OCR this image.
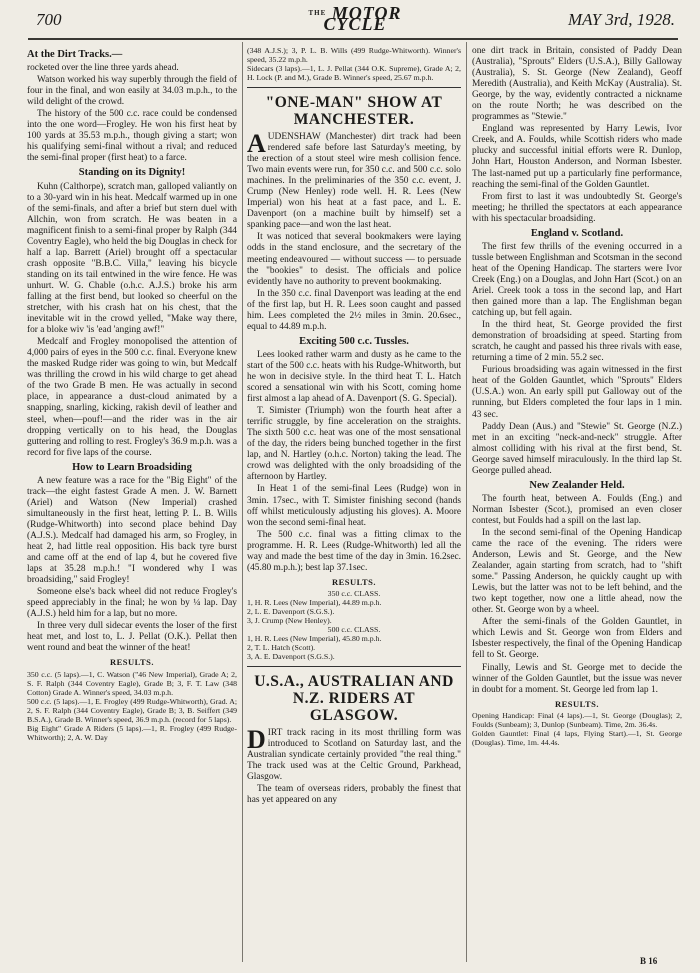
700	$^{THE}$ MOTOR CYCLE	MAY 3rd, 1928.
At the Dirt Tracks.—

rocketed over the line three yards ahead.

Watson worked his way superbly through the field of four in the final, and won easily at 34.03 m.p.h., to the wild delight of the crowd.

The history of the 500 c.c. race could be condensed into the one word—Frogley. He won his first heat by 100 yards at 35.53 m.p.h., though giving a start; won his qualifying semi-final without a rival; and reduced the semi-final proper (first heat) to a farce.

Standing on its Dignity!

Kuhn (Calthorpe), scratch man, galloped valiantly on to a 30-yard win in his heat. Medcalf warmed up in one of the semi-finals, and after a brief but stern duel with Allchin, won from scratch. He was beaten in a magnificent finish to a semi-final proper by Ralph (344 Coventry Eagle), who held the big Douglas in check for half a lap. Barrett (Ariel) brought off a spectacular crash opposite "B.B.C. Villa," leaving his bicycle standing on its tail entwined in the wire fence. He was unhurt. W. G. Chable (o.h.c. A.J.S.) broke his arm falling at the first bend, but looked so cheerful on the stretcher, with his crash hat on his chest, that the inevitable wit in the crowd yelled, "Make way there, for a bloke wiv 'is 'ead 'anging awf!"

Medcalf and Frogley monopolised the attention of 4,000 pairs of eyes in the 500 c.c. final. Everyone knew the masked Rudge rider was going to win, but Medcalf was thrilling the crowd in his wild charge to get ahead of the two Grade B men. He was actually in second place, in appearance a dust-cloud animated by a snapping, snarling, kicking, rakish devil of leather and steel, when—pouf!—and the rider was in the air dropping vertically on to his head, the Douglas guttering and rolling to rest. Frogley's 36.9 m.p.h. was a record for five laps of the course.

How to Learn Broadsiding

A new feature was a race for the "Big Eight" of the track—the eight fastest Grade A men. J. W. Barnett (Ariel) and Watson (New Imperial) crashed simultaneously in the first heat, letting P. L. B. Wills (Rudge-Whitworth) into second place behind Day (A.J.S.). Medcalf had damaged his arm, so Frogley, in heat 2, had little real opposition. His back tyre burst and came off at the end of lap 4, but he covered five laps at 35.28 m.p.h.! "I wondered why I was broadsiding," said Frogley!

Someone else's back wheel did not reduce Frogley's speed appreciably in the final; he won by ¼ lap. Day (A.J.S.) held him for a lap, but no more.

In three very dull sidecar events the loser of the first heat met, and lost to, L. J. Pellat (O.K.). Pellat then went round and beat the winner of the heat!

RESULTS.

350 c.c. (5 laps).—1, C. Watson ("46 New Imperial), Grade A; 2, S. F. Ralph (344 Coventry Eagle), Grade B; 3, F. T. Law (348 Cotton) Grade A. Winner's speed, 34.03 m.p.h.

500 c.c. (5 laps).—1, E. Frogley (499 Rudge-Whitworth), Grad. A; 2, S. F. Ralph (344 Coventry Eagle), Grade B; 3, B. Seiffert (349 B.S.A.), Grade B. Winner's speed, 36.9 m.p.h. (record for 5 laps).

Big Eight" Grade A Riders (5 laps).—1, R. Frogley (499 Rudge-Whitworth); 2, A. W. Day

(348 A.J.S.); 3, P. L. B. Wills (499 Rudge-Whitworth). Winner's speed, 35.22 m.p.h.

Sidecars (3 laps).—1, L. J. Pellat (344 O.K. Supreme), Grade A; 2, H. Lock (P. and M.), Grade B. Winner's speed, 25.67 m.p.h.

"ONE-MAN" SHOW AT MANCHESTER.

AUDENSHAW (Manchester) dirt track had been rendered safe before last Saturday's meeting, by the erection of a stout steel wire mesh collision fence. Two main events were run, for 350 c.c. and 500 c.c. solo machines. In the preliminaries of the 350 c.c. event, J. Crump (New Henley) rode well. H. R. Lees (New Imperial) won his heat at a fast pace, and L. E. Davenport (on a machine built by himself) set a spanking pace—and won the last heat.

It was noticed that several bookmakers were laying odds in the stand enclosure, and the secretary of the meeting endeavoured — without success — to persuade the "bookies" to desist. The officials and police evidently have no authority to prevent bookmaking.

In the 350 c.c. final Davenport was leading at the end of the first lap, but H. R. Lees soon caught and passed him. Lees completed the 2½ miles in 3min. 20.6sec., equal to 44.89 m.p.h.

Exciting 500 c.c. Tussles.

Lees looked rather warm and dusty as he came to the start of the 500 c.c. heats with his Rudge-Whitworth, but he won in decisive style. In the third heat T. L. Hatch scored a sensational win with his Scott, coming home first almost a lap ahead of A. Davenport (S. G. Special).

T. Simister (Triumph) won the fourth heat after a terrific struggle, by fine acceleration on the straights. The sixth 500 c.c. heat was one of the most sensational of the day, the riders being bunched together in the first lap, and N. Hartley (o.h.c. Norton) taking the lead. The crowd was delighted with the only broadsiding of the afternoon by Hartley.

In Heat 1 of the semi-final Lees (Rudge) won in 3min. 17sec., with T. Simister finishing second (hands off whilst meticulously adjusting his gloves). A. Moore won the second semi-final heat.

The 500 c.c. final was a fitting climax to the programme. H. R. Lees (Rudge-Whitworth) led all the way and made the best time of the day in 3min. 16.2sec. (45.80 m.p.h.); best lap 37.1sec.

RESULTS.
350 c.c. CLASS.

1, H. R. Lees (New Imperial), 44.89 m.p.h.

2, L. E. Davenport (S.G.S.).

3, J. Crump (New Henley).

500 c.c. CLASS.

1, H. R. Lees (New Imperial), 45.80 m.p.h.

2, T. L. Hatch (Scott).

3, A. E. Davenport (S.G.S.).

U.S.A., AUSTRALIAN AND N.Z. RIDERS AT GLASGOW.

DIRT track racing in its most thrilling form was introduced to Scotland on Saturday last, and the Australian syndicate certainly provided "the real thing." The track used was at the Celtic Ground, Parkhead, Glasgow.

The team of overseas riders, probably the finest that has yet appeared on any

one dirt track in Britain, consisted of Paddy Dean (Australia), "Sprouts" Elders (U.S.A.), Billy Galloway (Australia), S. St. George (New Zealand), Geoff Meredith (Australia), and Keith McKay (Australia). St. George, by the way, evidently contracted a nickname on the route North; he was described on the programmes as "Stewie."

England was represented by Harry Lewis, Ivor Creek, and A. Foulds, while Scottish riders who made plucky and successful initial efforts were R. Dunlop, John Hart, Houston Anderson, and Norman Isbester. The last-named put up a particularly fine performance, reaching the semi-final of the Golden Gauntlet.

From first to last it was undoubtedly St. George's meeting; he thrilled the spectators at each appearance with his spectacular broadsiding.

England v. Scotland.

The first few thrills of the evening occurred in a tussle between Englishman and Scotsman in the second heat of the Opening Handicap. The starters were Ivor Creek (Eng.) on a Douglas, and John Hart (Scot.) on an Ariel. Creek took a toss in the second lap, and Hart then gained more than a lap. The Englishman began catching up, but fell again.

In the third heat, St. George provided the first demonstration of broadsiding at speed. Starting from scratch, he caught and passed his three rivals with ease, returning a time of 2 min. 55.2 sec.

Furious broadsiding was again witnessed in the first heat of the Golden Gauntlet, which "Sprouts" Elders (U.S.A.) won. An early spill put Galloway out of the running, but Elders completed the four laps in 1 min. 43 sec.

Paddy Dean (Aus.) and "Stewie" St. George (N.Z.) met in an exciting "neck-and-neck" struggle. After almost colliding with his rival at the first bend, St. George saved himself miraculously. In the third lap St. George pulled ahead.

New Zealander Held.

The fourth heat, between A. Foulds (Eng.) and Norman Isbester (Scot.), promised an even closer contest, but Foulds had a spill on the last lap.

In the second semi-final of the Opening Handicap came the race of the evening. The riders were Anderson, Lewis and St. George, and the New Zealander, again starting from scratch, had to "shift some." Passing Anderson, he quickly caught up with Lewis, but the latter was not to be left behind, and the two kept together, now one a little ahead, now the other. St. George won by a wheel.

After the semi-finals of the Golden Gauntlet, in which Lewis and St. George won from Elders and Isbester respectively, the final of the Opening Handicap fell to St. George.

Finally, Lewis and St. George met to decide the winner of the Golden Gauntlet, but the issue was never in doubt for a moment. St. George led from lap 1.

RESULTS.

Opening Handicap: Final (4 laps).—1, St. George (Douglas); 2, Foulds (Sunbeam); 3, Dunlop (Sunbeam). Time, 2m. 36.4s.

Golden Gauntlet: Final (4 laps, Flying Start).—1, St. George (Douglas). Time, 1m. 44.4s.

B 16
